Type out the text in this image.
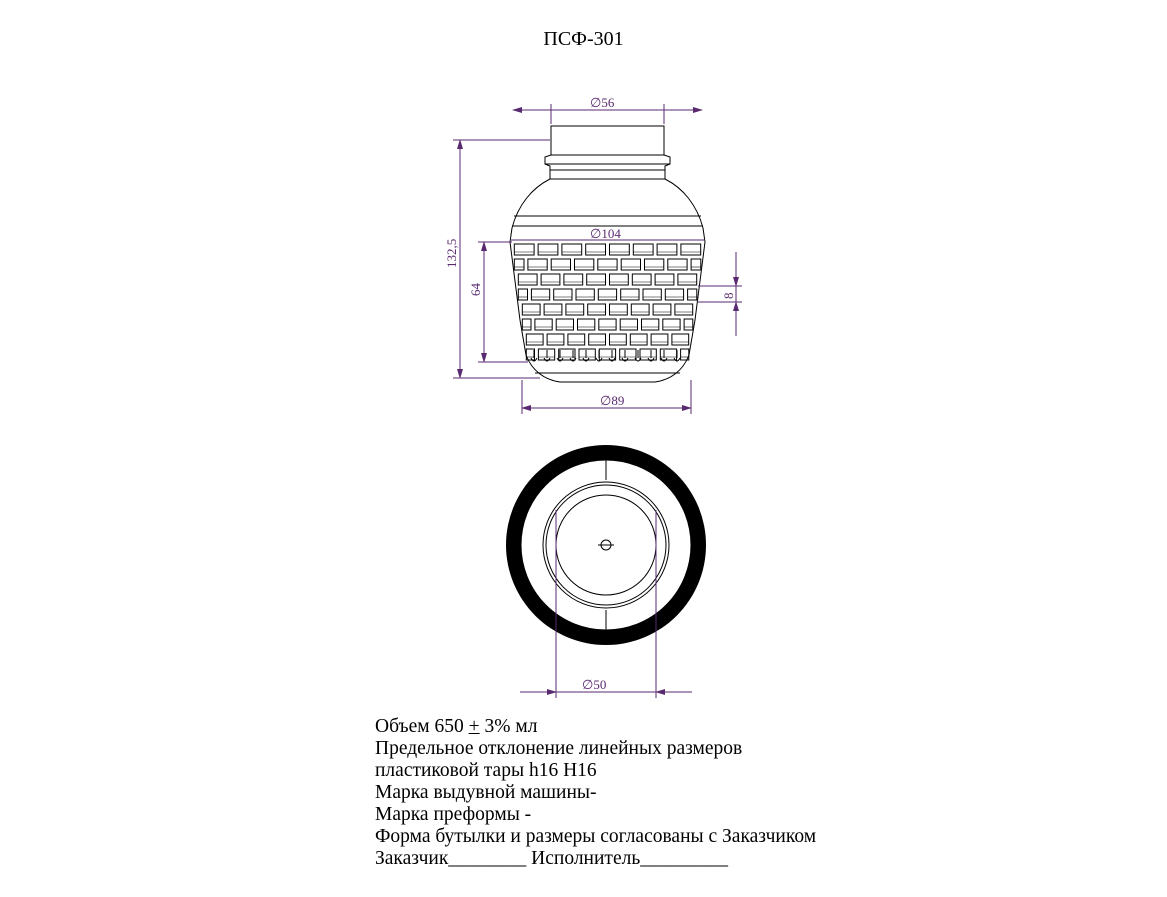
ПСФ-301
∅56
∅104
∅89
132,5
64	8
∅50
Объем 650 + 3% мл
Предельное отклонение линейных размеров
пластиковой тары h16 H16
Марка выдувной машины-
Марка преформы -
Форма бутылки и размеры согласованы с Заказчиком
Заказчик________ Исполнитель_________
